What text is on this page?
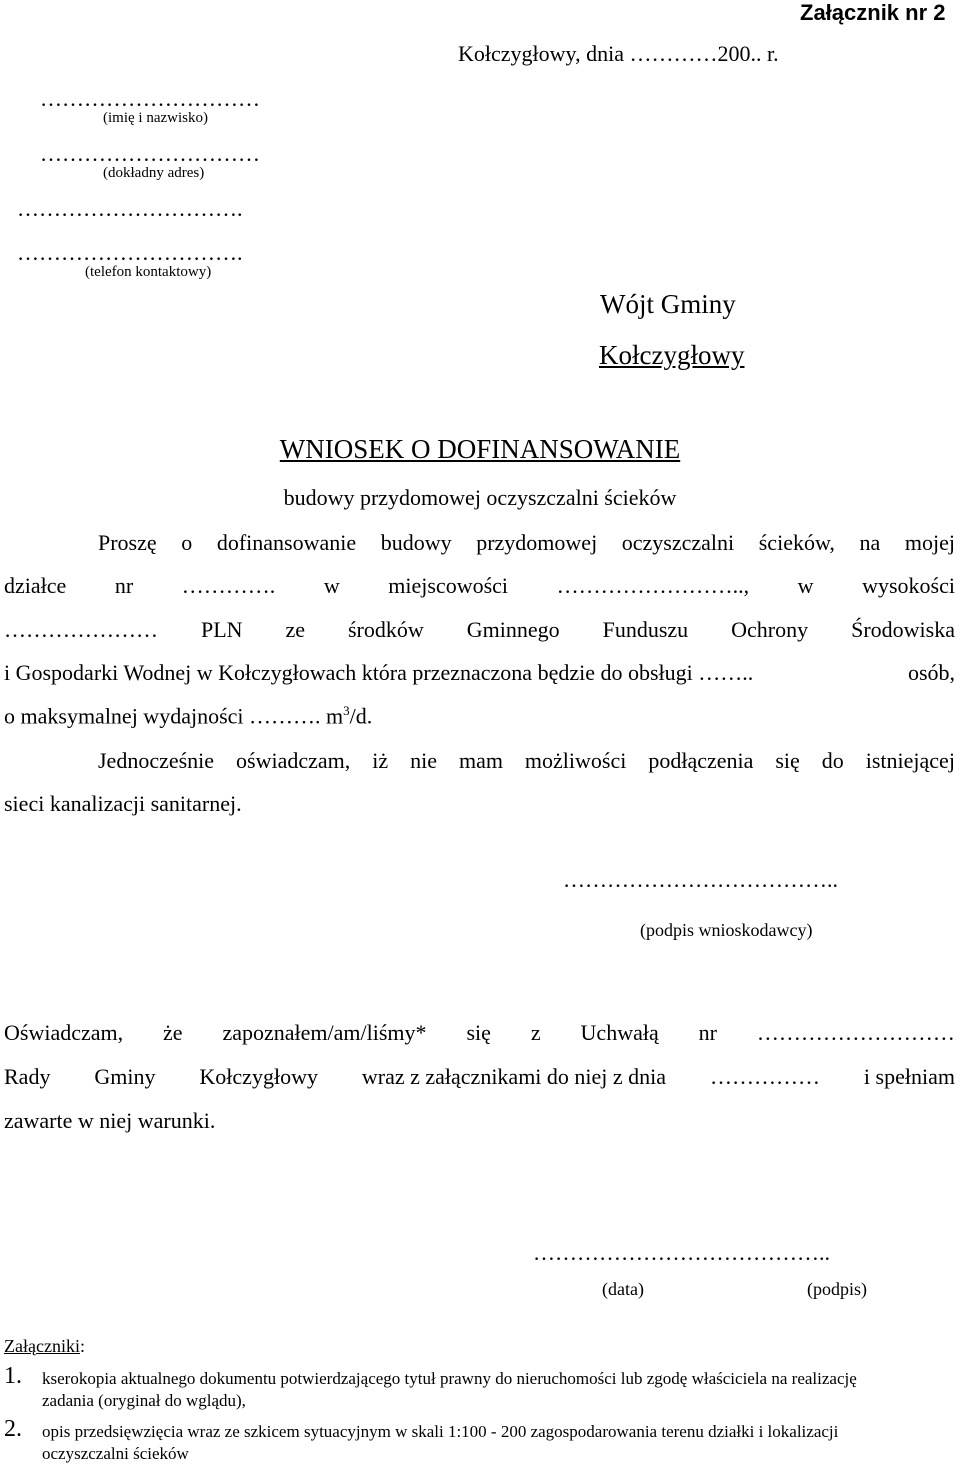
Załącznik nr 2
Kołczygłowy, dnia …………200.. r.
…………………………
(imię i nazwisko)
…………………………
(dokładny adres)
………………………….
………………………….
(telefon kontaktowy)
Wójt Gminy
Kołczygłowy
WNIOSEK O DOFINANSOWANIE
budowy przydomowej oczyszczalni ścieków
Proszę o dofinansowanie budowy przydomowej oczyszczalni ścieków, na mojej
działce nr …………. w miejscowości …………………….., w wysokości
………………… PLN ze środków Gminnego Funduszu Ochrony Środowiska
i Gospodarki Wodnej w Kołczygłowach która przeznaczona będzie do obsługi ……..	osób,
o maksymalnej wydajności ………. $m^3/d$.
Jednocześnie oświadczam, iż nie mam możliwości podłączenia się do istniejącej
sieci kanalizacji sanitarnej.
………………………………..
(podpis wnioskodawcy)
Oświadczam, że zapoznałem/am/liśmy* się z Uchwałą nr ………………………
Rady Gminy Kołczygłowy wraz z załącznikami do niej z dnia …………… i spełniam
zawarte w niej warunki.
…………………………………..
(data)	(podpis)
Załączniki:
1. kserokopia aktualnego dokumentu potwierdzającego tytuł prawny do nieruchomości lub zgodę właściciela na realizację
zadania (oryginał do wglądu),
2. opis przedsięwzięcia wraz ze szkicem sytuacyjnym w skali 1:100 - 200 zagospodarowania terenu działki i lokalizacji
oczyszczalni ścieków
